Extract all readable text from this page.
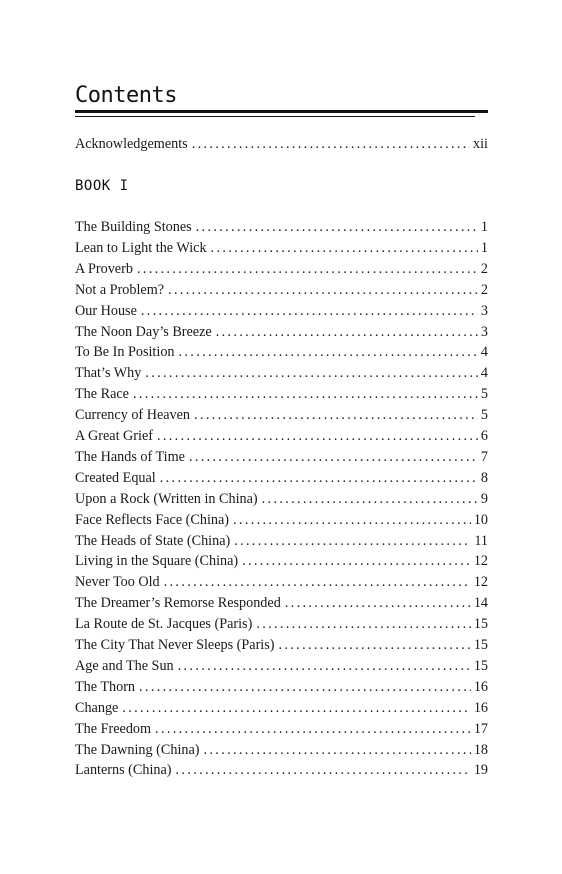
Contents
Acknowledgements . . .	xii
BOOK I
The Building Stones . . .	1
Lean to Light the Wick . . .	1
A Proverb . . .	2
Not a Problem? . . .	2
Our House . . .	3
The Noon Day’s Breeze . . .	3
To Be In Position . . .	4
That’s Why . . .	4
The Race . . .	5
Currency of Heaven . . .	5
A Great Grief . . .	6
The Hands of Time . . .	7
Created Equal . . .	8
Upon a Rock (Written in China) . . .	9
Face Reflects Face (China) . . .	10
The Heads of State (China) . . .	11
Living in the Square (China) . . .	12
Never Too Old . . .	12
The Dreamer’s Remorse Responded . . .	14
La Route de St. Jacques (Paris) . . .	15
The City That Never Sleeps (Paris) . . .	15
Age and The Sun . . .	15
The Thorn . . .	16
Change . . .	16
The Freedom . . .	17
The Dawning (China) . . .	18
Lanterns (China) . . .	19
